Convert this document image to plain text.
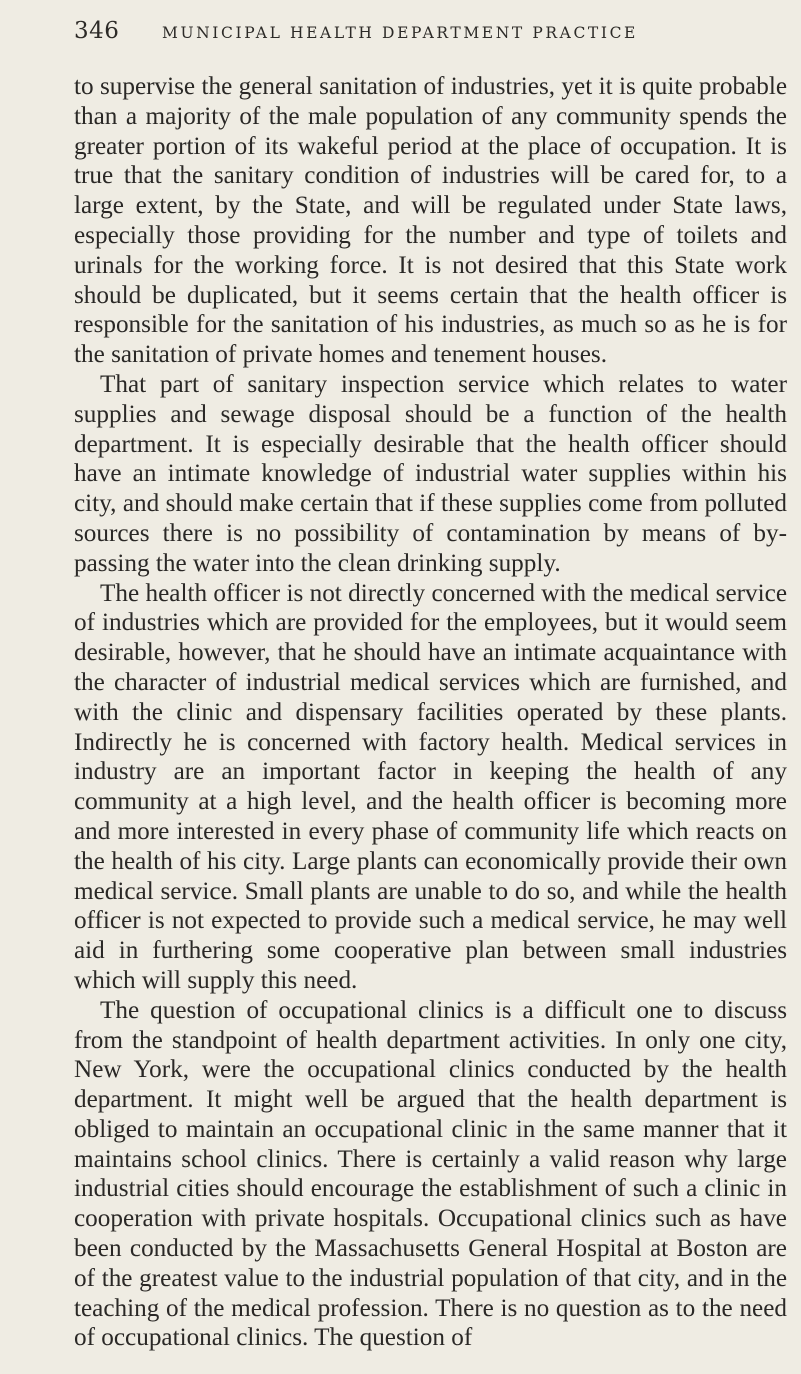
346	MUNICIPAL HEALTH DEPARTMENT PRACTICE

to supervise the general sanitation of industries, yet it is quite probable than a majority of the male population of any community spends the greater portion of its wakeful period at the place of occupation. It is true that the sanitary condition of industries will be cared for, to a large extent, by the State, and will be regulated under State laws, especially those providing for the number and type of toilets and urinals for the working force. It is not desired that this State work should be duplicated, but it seems certain that the health officer is responsible for the sanitation of his industries, as much so as he is for the sanitation of private homes and tenement houses.

That part of sanitary inspection service which relates to water supplies and sewage disposal should be a function of the health department. It is especially desirable that the health officer should have an intimate knowledge of industrial water supplies within his city, and should make certain that if these supplies come from polluted sources there is no possibility of contamination by means of by-passing the water into the clean drinking supply.

The health officer is not directly concerned with the medical service of industries which are provided for the employees, but it would seem desirable, however, that he should have an intimate acquaintance with the character of industrial medical services which are furnished, and with the clinic and dispensary facilities operated by these plants. Indirectly he is concerned with factory health. Medical services in industry are an important factor in keeping the health of any community at a high level, and the health officer is becoming more and more interested in every phase of community life which reacts on the health of his city. Large plants can economically provide their own medical service. Small plants are unable to do so, and while the health officer is not expected to provide such a medical service, he may well aid in furthering some cooperative plan between small industries which will supply this need.

The question of occupational clinics is a difficult one to discuss from the standpoint of health department activities. In only one city, New York, were the occupational clinics conducted by the health department. It might well be argued that the health department is obliged to maintain an occupational clinic in the same manner that it maintains school clinics. There is certainly a valid reason why large industrial cities should encourage the establishment of such a clinic in cooperation with private hospitals. Occupational clinics such as have been conducted by the Massachusetts General Hospital at Boston are of the greatest value to the industrial population of that city, and in the teaching of the medical profession. There is no question as to the need of occupational clinics. The question of
